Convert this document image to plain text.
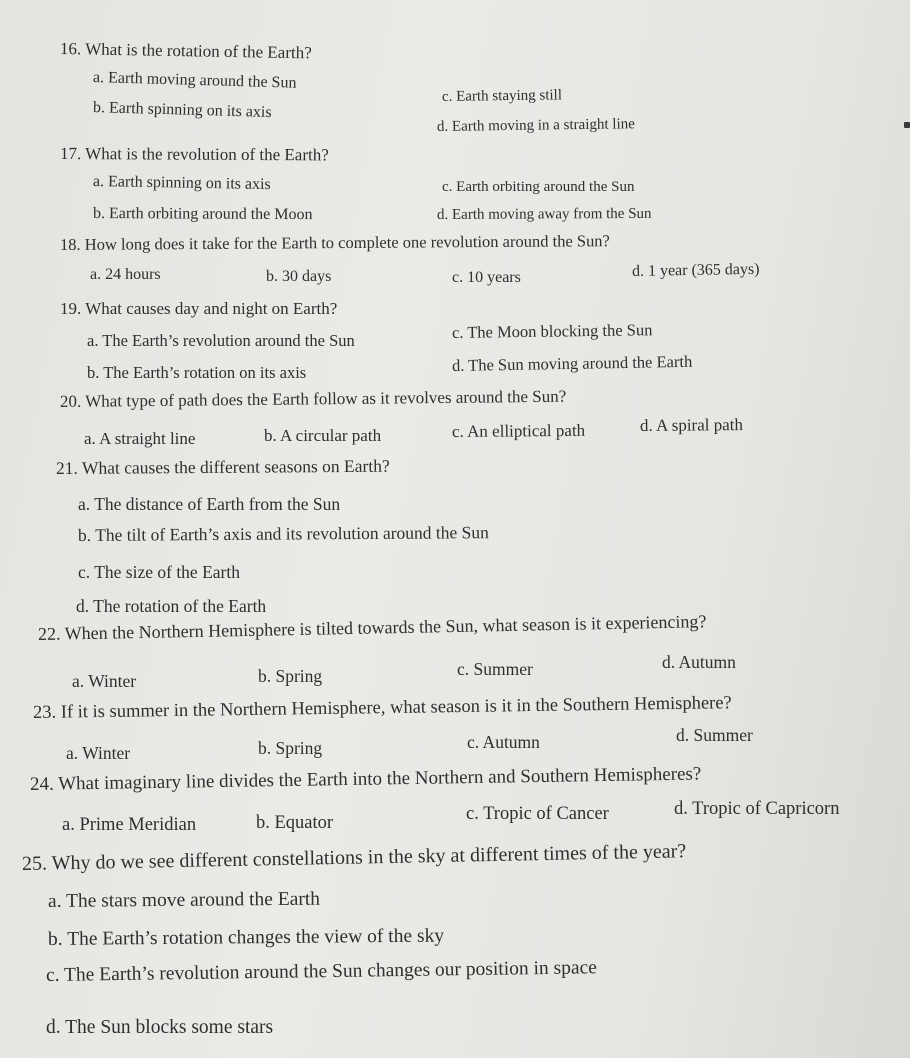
16. What is the rotation of the Earth?
a. Earth moving around the Sun
c. Earth staying still
b. Earth spinning on its axis
d. Earth moving in a straight line
17. What is the revolution of the Earth?
a. Earth spinning on its axis	c. Earth orbiting around the Sun
b. Earth orbiting around the Moon	d. Earth moving away from the Sun
18. How long does it take for the Earth to complete one revolution around the Sun?
a. 24 hours	b. 30 days	c. 10 years	d. 1 year (365 days)
19. What causes day and night on Earth?
a. The Earth’s revolution around the Sun	c. The Moon blocking the Sun
b. The Earth’s rotation on its axis	d. The Sun moving around the Earth
20. What type of path does the Earth follow as it revolves around the Sun?
a. A straight line	b. A circular path	c. An elliptical path	d. A spiral path
21. What causes the different seasons on Earth?
a. The distance of Earth from the Sun
b. The tilt of Earth’s axis and its revolution around the Sun
c. The size of the Earth
d. The rotation of the Earth
22. When the Northern Hemisphere is tilted towards the Sun, what season is it experiencing?
a. Winter	b. Spring	c. Summer	d. Autumn
23. If it is summer in the Northern Hemisphere, what season is it in the Southern Hemisphere?
a. Winter	b. Spring	c. Autumn	d. Summer
24. What imaginary line divides the Earth into the Northern and Southern Hemispheres?
a. Prime Meridian	b. Equator	c. Tropic of Cancer	d. Tropic of Capricorn
25. Why do we see different constellations in the sky at different times of the year?
a. The stars move around the Earth
b. The Earth’s rotation changes the view of the sky
c. The Earth’s revolution around the Sun changes our position in space
d. The Sun blocks some stars
